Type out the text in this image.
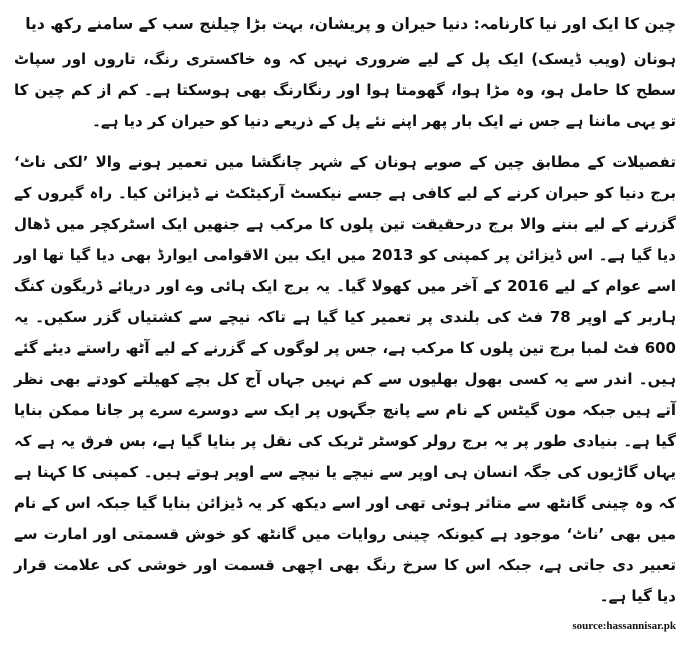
چین کا ایک اور نیا کارنامہ: دنیا حیران و پریشان، بہت بڑا چیلنج سب کے سامنے رکھ دیا

ہونان (ویب ڈیسک) ایک پل کے لیے ضروری نہیں کہ وہ خاکستری رنگ، تاروں اور سپاٹ سطح کا حامل ہو، وہ مڑا ہوا، گھومتا ہوا اور رنگارنگ بھی ہوسکتا ہے۔ کم از کم چین کا تو یہی ماننا ہے جس نے ایک بار پھر اپنے نئے پل کے ذریعے دنیا کو حیران کر دیا ہے۔

تفصیلات کے مطابق چین کے صوبے ہونان کے شہر چانگشا میں تعمیر ہونے والا ’لکی ناٹ‘ برج دنیا کو حیران کرنے کے لیے کافی ہے جسے نیکسٹ آرکیٹکٹ نے ڈیزائن کیا۔ راہ گیروں کے گزرنے کے لیے بننے والا برج درحقیقت تین پلوں کا مرکب ہے جنھیں ایک اسٹرکچر میں ڈھال دیا گیا ہے۔ اس ڈیزائن پر کمپنی کو 2013 میں ایک بین الاقوامی ایوارڈ بھی دیا گیا تھا اور اسے عوام کے لیے 2016 کے آخر میں کھولا گیا۔ یہ برج ایک ہائی وے اور دریائے ڈریگون کنگ ہاربر کے اوپر 78 فٹ کی بلندی پر تعمیر کیا گیا ہے تاکہ نیچے سے کشتیاں گزر سکیں۔ یہ 600 فٹ لمبا برج تین پلوں کا مرکب ہے، جس پر لوگوں کے گزرنے کے لیے آٹھ راستے دیئے گئے ہیں۔ اندر سے یہ کسی بھول بھلیوں سے کم نہیں جہاں آج کل بچے کھیلتے کودتے بھی نظر آتے ہیں جبکہ مون گیٹس کے نام سے پانچ جگہوں پر ایک سے دوسرے سرے پر جانا ممکن بنایا گیا ہے۔ بنیادی طور پر یہ برج رولر کوسٹر ٹریک کی نقل پر بنایا گیا ہے، بس فرق یہ ہے کہ یہاں گاڑیوں کی جگہ انسان ہی اوپر سے نیچے یا نیچے سے اوپر ہوتے ہیں۔ کمپنی کا کہنا ہے کہ وہ چینی گانٹھ سے متاثر ہوئی تھی اور اسے دیکھ کر یہ ڈیزائن بنایا گیا جبکہ اس کے نام میں بھی ’ناٹ‘ موجود ہے کیونکہ چینی روایات میں گانٹھ کو خوش قسمتی اور امارت سے تعبیر دی جاتی ہے، جبکہ اس کا سرخ رنگ بھی اچھی قسمت اور خوشی کی علامت قرار دیا گیا ہے۔

source:hassannisar.pk
